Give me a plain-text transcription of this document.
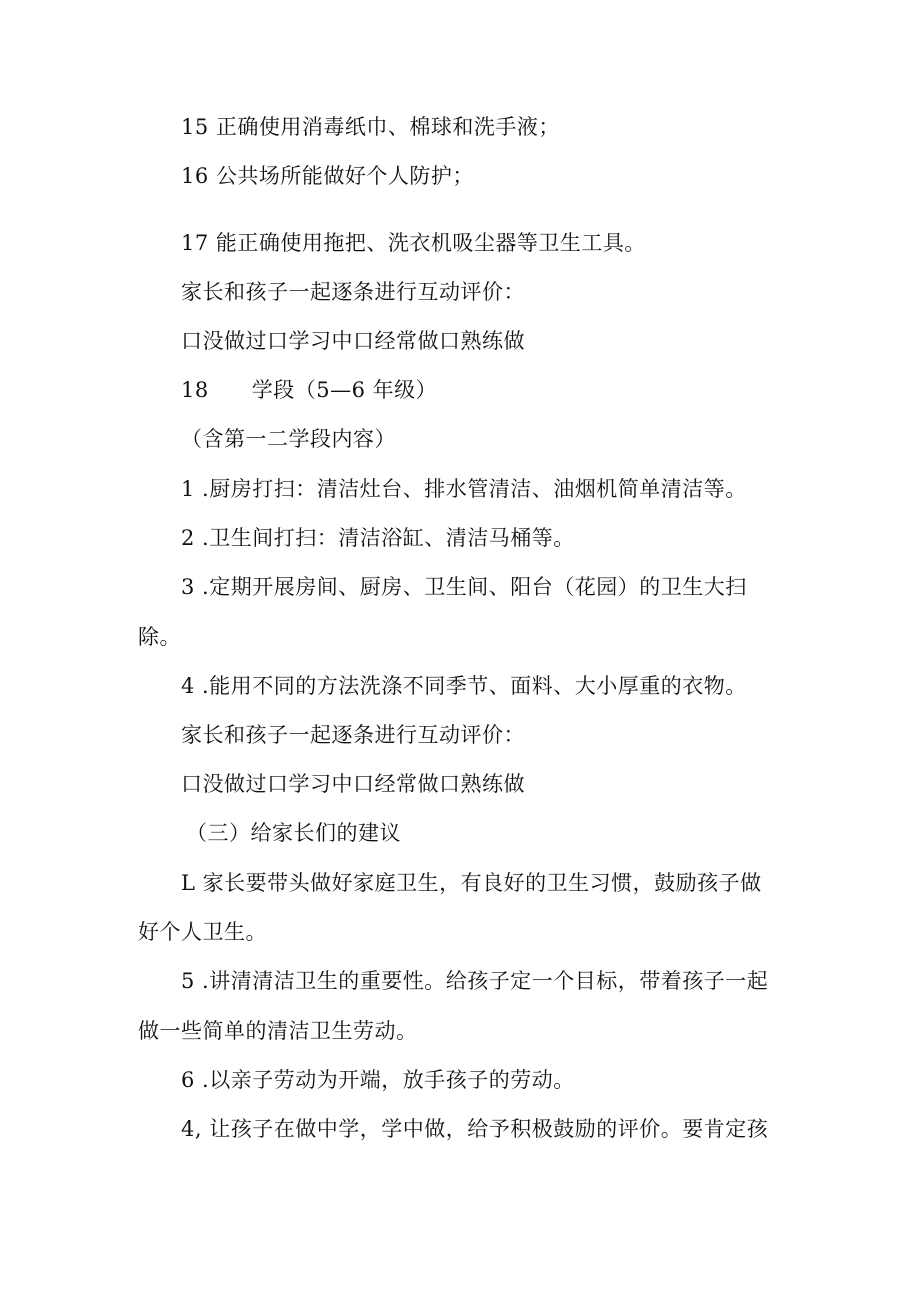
15 正确使用消毒纸巾、棉球和洗手液；
16 公共场所能做好个人防护；
17 能正确使用拖把、洗衣机吸尘器等卫生工具。
家长和孩子一起逐条进行互动评价：
口没做过口学习中口经常做口熟练做
18      学段（5—6 年级）
（含第一二学段内容）
1 .厨房打扫：清洁灶台、排水管清洁、油烟机简单清洁等。
2 .卫生间打扫：清洁浴缸、清洁马桶等。
3 .定期开展房间、厨房、卫生间、阳台（花园）的卫生大扫
除。
4 .能用不同的方法洗涤不同季节、面料、大小厚重的衣物。
家长和孩子一起逐条进行互动评价：
口没做过口学习中口经常做口熟练做
（三）给家长们的建议
L 家长要带头做好家庭卫生，有良好的卫生习惯，鼓励孩子做
好个人卫生。
5 .讲清清洁卫生的重要性。给孩子定一个目标，带着孩子一起
做一些简单的清洁卫生劳动。
6 .以亲子劳动为开端，放手孩子的劳动。
4, 让孩子在做中学，学中做，给予积极鼓励的评价。要肯定孩
